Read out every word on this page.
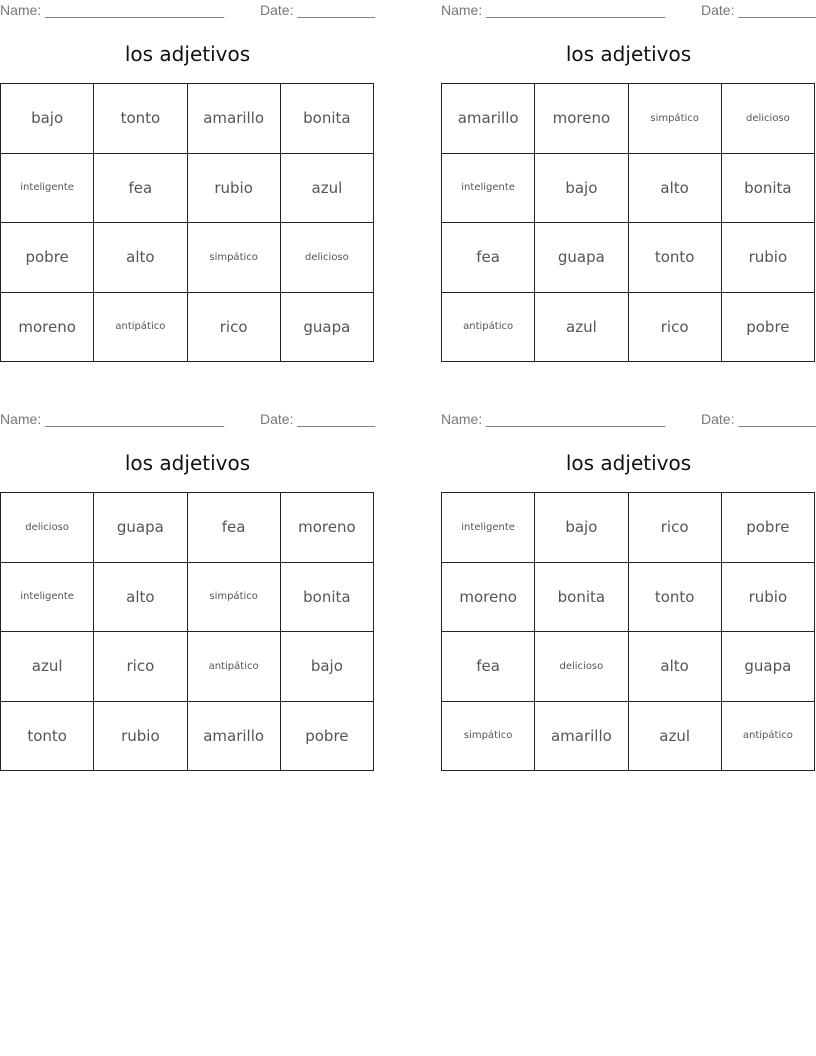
Name: _______________________	Date: __________
los adjetivos
bajo	tonto	amarillo	bonita
inteligente	fea	rubio	azul
pobre	alto	simpático	delicioso
moreno	antipático	rico	guapa
Name: _______________________	Date: __________
los adjetivos
amarillo	moreno	simpático	delicioso
inteligente	bajo	alto	bonita
fea	guapa	tonto	rubio
antipático	azul	rico	pobre
Name: _______________________	Date: __________
los adjetivos
delicioso	guapa	fea	moreno
inteligente	alto	simpático	bonita
azul	rico	antipático	bajo
tonto	rubio	amarillo	pobre
Name: _______________________	Date: __________
los adjetivos
inteligente	bajo	rico	pobre
moreno	bonita	tonto	rubio
fea	delicioso	alto	guapa
simpático	amarillo	azul	antipático
